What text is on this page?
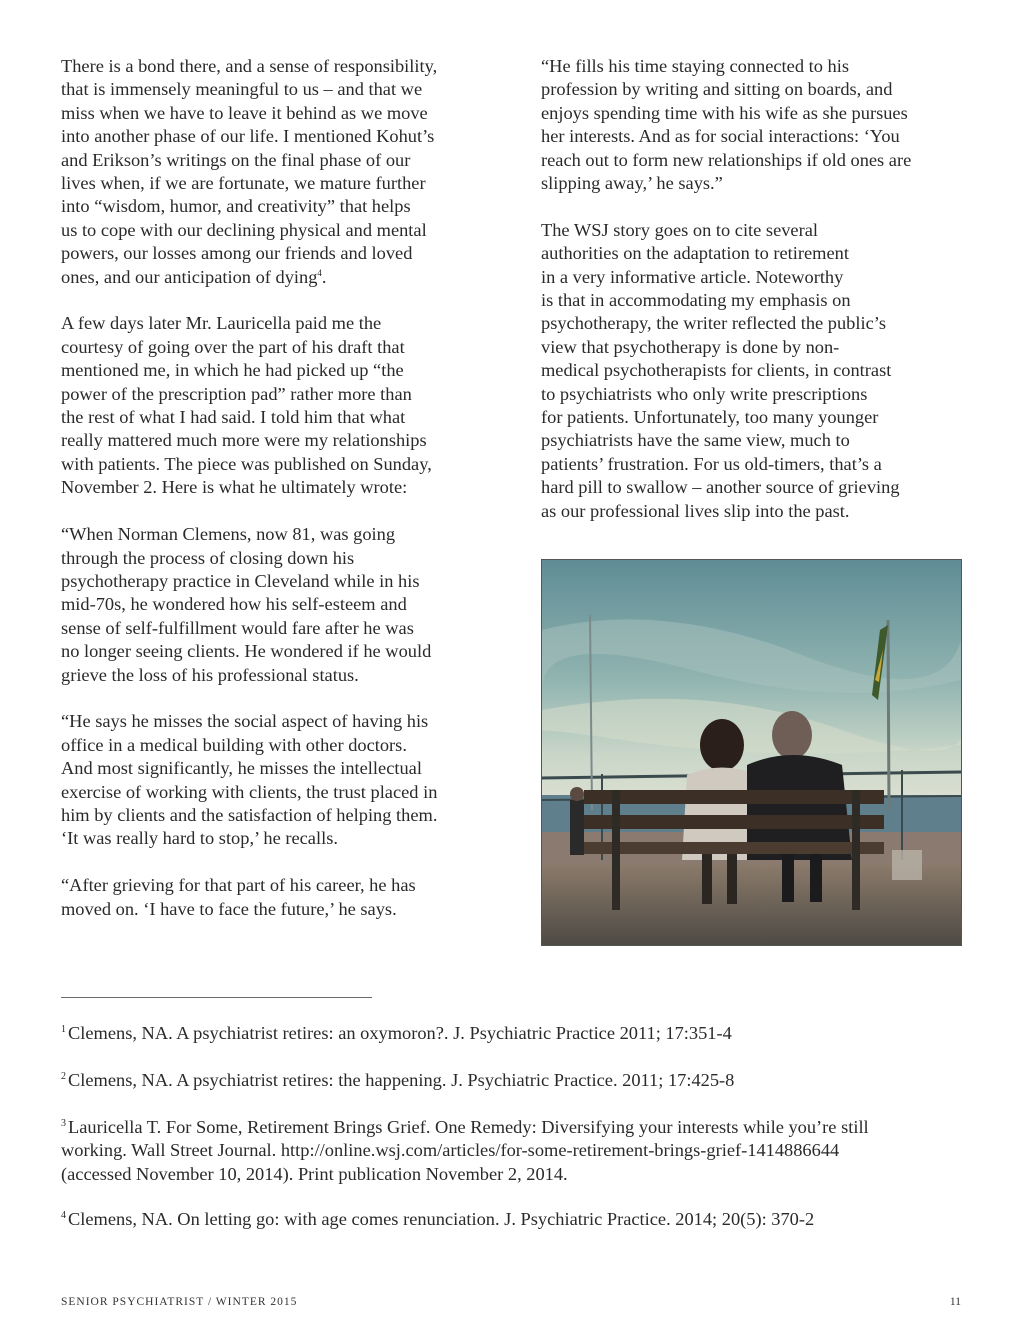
There is a bond there, and a sense of responsibility,
that is immensely meaningful to us – and that we
miss when we have to leave it behind as we move
into another phase of our life. I mentioned Kohut’s
and Erikson’s writings on the final phase of our
lives when, if we are fortunate, we mature further
into “wisdom, humor, and creativity” that helps
us to cope with our declining physical and mental
powers, our losses among our friends and loved
ones, and our anticipation of dying$^4$.

A few days later Mr. Lauricella paid me the
courtesy of going over the part of his draft that
mentioned me, in which he had picked up “the
power of the prescription pad” rather more than
the rest of what I had said. I told him that what
really mattered much more were my relationships
with patients. The piece was published on Sunday,
November 2. Here is what he ultimately wrote:

“When Norman Clemens, now 81, was going
through the process of closing down his
psychotherapy practice in Cleveland while in his
mid-70s, he wondered how his self-esteem and
sense of self-fulfillment would fare after he was
no longer seeing clients. He wondered if he would
grieve the loss of his professional status.

“He says he misses the social aspect of having his
office in a medical building with other doctors.
And most significantly, he misses the intellectual
exercise of working with clients, the trust placed in
him by clients and the satisfaction of helping them.
‘It was really hard to stop,’ he recalls.

“After grieving for that part of his career, he has
moved on. ‘I have to face the future,’ he says.

“He fills his time staying connected to his
profession by writing and sitting on boards, and
enjoys spending time with his wife as she pursues
her interests. And as for social interactions: ‘You
reach out to form new relationships if old ones are
slipping away,’ he says.”

The WSJ story goes on to cite several
authorities on the adaptation to retirement
in a very informative article. Noteworthy
is that in accommodating my emphasis on
psychotherapy, the writer reflected the public’s
view that psychotherapy is done by non-
medical psychotherapists for clients, in contrast
to psychiatrists who only write prescriptions
for patients. Unfortunately, too many younger
psychiatrists have the same view, much to
patients’ frustration. For us old-timers, that’s a
hard pill to swallow – another source of grieving
as our professional lives slip into the past.

$^1$ Clemens, NA. A psychiatrist retires: an oxymoron?. J. Psychiatric Practice 2011; 17:351-4
$^2$ Clemens, NA. A psychiatrist retires: the happening. J. Psychiatric Practice. 2011; 17:425-8
$^3$ Lauricella T. For Some, Retirement Brings Grief. One Remedy: Diversifying your interests while you’re still
working. Wall Street Journal. http://online.wsj.com/articles/for-some-retirement-brings-grief-1414886644
(accessed November 10, 2014). Print publication November 2, 2014.
$^4$ Clemens, NA. On letting go: with age comes renunciation. J. Psychiatric Practice. 2014; 20(5): 370-2
SENIOR PSYCHIATRIST / WINTER 2015	11
